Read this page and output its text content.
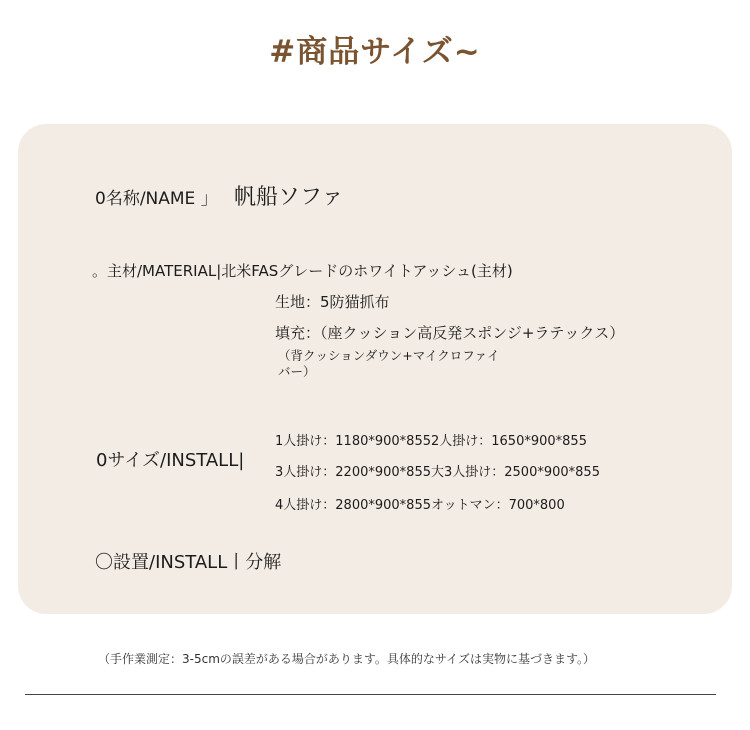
#商品サイズ~
0名称/NAME 」 帆船ソファ
。主材/MATERIAL|北米FASグレードのホワイトアッシュ(主材)
生地：5防猫抓布
填充：（座クッション高反発スポンジ+ラテックス）
（背クッションダウン+マイクロファイバー）
0サイズ/INSTALL|
1人掛け：1180*900*8552人掛け：1650*900*855
3人掛け：2200*900*855大3人掛け：2500*900*855
4人掛け：2800*900*855オットマン：700*800
〇設置/INSTALL丨分解
（手作業測定：3-5cmの誤差がある場合があります。具体的なサイズは実物に基づきます。）
